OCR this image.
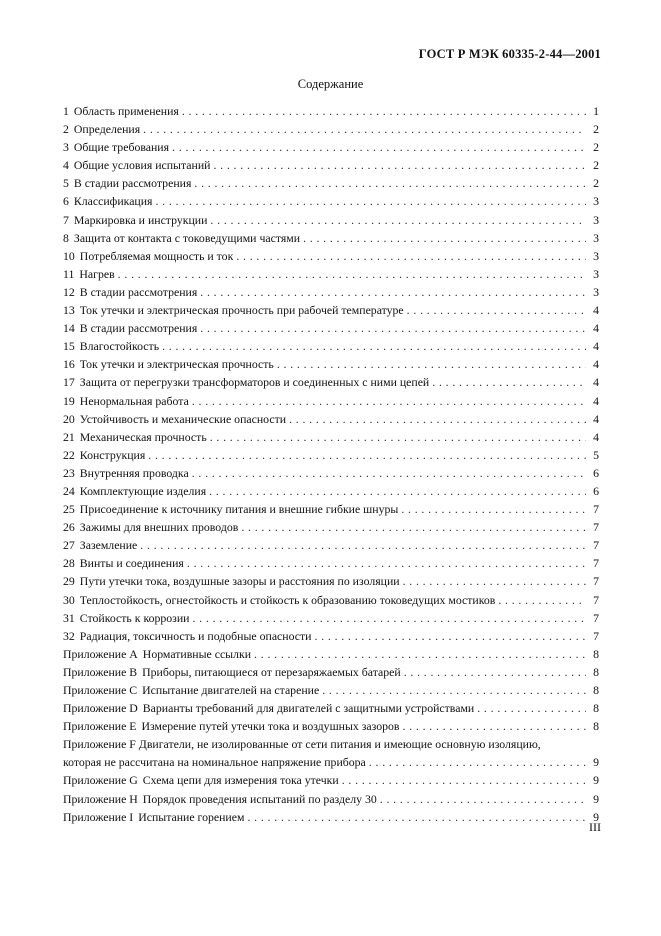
ГОСТ Р МЭК 60335-2-44—2001
Содержание
1 Область применения . . .	1
2 Определения . . .	2
3 Общие требования . . .	2
4 Общие условия испытаний . . .	2
5 В стадии рассмотрения . . .	2
6 Классификация . . .	3
7 Маркировка и инструкции . . .	3
8 Защита от контакта с токоведущими частями . . .	3
10 Потребляемая мощность и ток . . .	3
11 Нагрев . . .	3
12 В стадии рассмотрения . . .	3
13 Ток утечки и электрическая прочность при рабочей температуре . . .	4
14 В стадии рассмотрения . . .	4
15 Влагостойкость . . .	4
16 Ток утечки и электрическая прочность . . .	4
17 Защита от перегрузки трансформаторов и соединенных с ними цепей . . .	4
19 Ненормальная работа . . .	4
20 Устойчивость и механические опасности . . .	4
21 Механическая прочность . . .	4
22 Конструкция . . .	5
23 Внутренняя проводка . . .	6
24 Комплектующие изделия . . .	6
25 Присоединение к источнику питания и внешние гибкие шнуры . . .	7
26 Зажимы для внешних проводов . . .	7
27 Заземление . . .	7
28 Винты и соединения . . .	7
29 Пути утечки тока, воздушные зазоры и расстояния по изоляции . . .	7
30 Теплостойкость, огнестойкость и стойкость к образованию токоведущих мостиков . . .	7
31 Стойкость к коррозии . . .	7
32 Радиация, токсичность и подобные опасности . . .	7
Приложение А Нормативные ссылки . . .	8
Приложение В Приборы, питающиеся от перезаряжаемых батарей . . .	8
Приложение С Испытание двигателей на старение . . .	8
Приложение D Варианты требований для двигателей с защитными устройствами . . .	8
Приложение Е Измерение путей утечки тока и воздушных зазоров . . .	8
Приложение F Двигатели, не изолированные от сети питания и имеющие основную изоляцию,
которая не рассчитана на номинальное напряжение прибора . . .	9
Приложение G Схема цепи для измерения тока утечки . . .	9
Приложение Н Порядок проведения испытаний по разделу 30 . . .	9
Приложение I Испытание горением . . .	9
III
